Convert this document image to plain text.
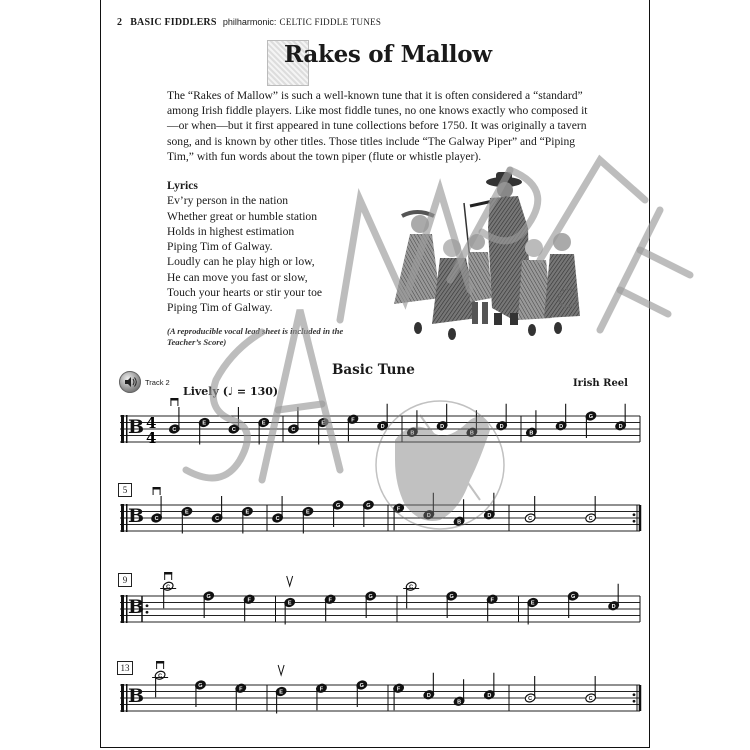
2 BASIC FIDDLERS philharmonic: CELTIC FIDDLE TUNES
Rakes of Mallow
The “Rakes of Mallow” is such a well-known tune that it is often considered a “standard” among Irish fiddle players. Like most fiddle tunes, no one knows exactly who composed it—or when—but it first appeared in tune collections before 1750. It was originally a tavern song, and is known by other titles. Those titles include “The Galway Piper” and “Piping Tim,” with fun words about the town piper (flute or whistle player).
Lyrics
Ev’ry person in the nation
Whether great or humble station
Holds in highest estimation
Piping Tim of Galway.
Loudly can he play high or low,
He can move you fast or slow,
Touch your hearts or stir your toe
Piping Tim of Galway.
(A reproducible vocal lead sheet is included in the Teacher’s Score)
Basic Tune
Irish Reel
Track 2
Lively (♩ = 130)
5
9
13
B 4
4	C
E
C
E
C
E
F
D
B
D
B
D
B
D
G
D
B C
E
C
E
C
E
G	G
F
D
B
D
C	C
B
C
G
F
E
F
G
C
G
F
E
G
D
B
C
G
F
E
F
G
F
D
B
D
C	C
